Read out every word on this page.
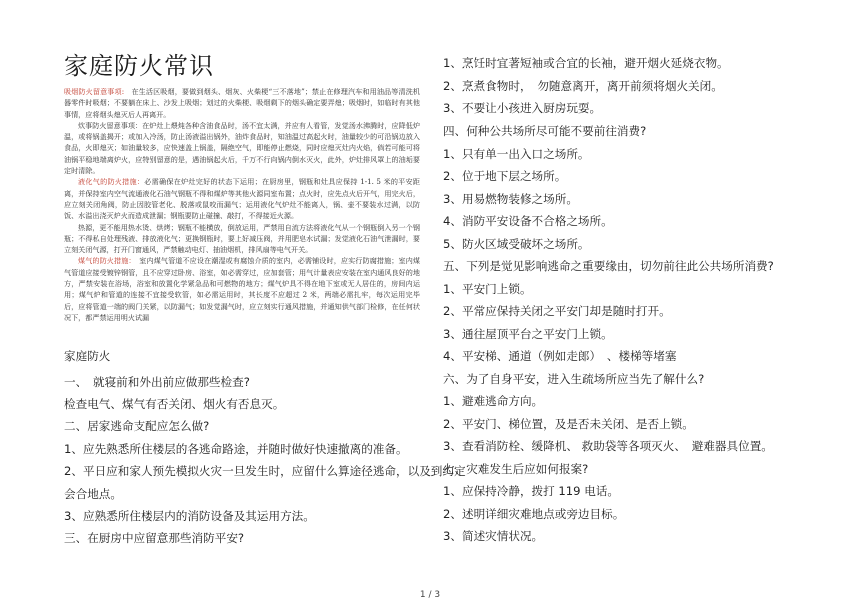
家庭防火常识

吸烟防火留意事项:　 在生活区吸烟，要做到烟头、烟灰、火柴梗“三不落地”；禁止在修理汽车和用油品等清洗机器零件时吸烟；不要躺在床上、沙发上吸烟；划过的火柴梗、吸烟剩下的烟头确定要弄熄；吸烟时，如临时有其他事情，应将烟头熄灭后人再离开。

炊事防火留意事项：在炉灶上煨炖各种含油食品时，汤不宜太满，并应有人看管，发觉汤水沸腾时，应降低炉温，或将锅盖揭开；或加入冷汤，防止汤液溢出锅外，油炸食品时，知油温过高起火时，油量较少的可沿锅边放入食品，火即熄灭；如油量较多，应快速盖上锅盖，隔绝空气，即能停止燃烧，同时应熄灭灶内火焰，倘若可能可将油锅平稳地端离炉火，应特别留意的是，遇油锅起火后，千万不行向锅内倒水灭火，此外，炉灶排风罩上的油垢要定时清除。

液化气的防火措施：必需确保在炉灶完好的状态下运用；在厨房里，钢瓶和灶具应保持 1-1. 5 米的平安距离，并保持室内空气流通液化石油气钢瓶不得和煤炉等其他火源同室布置；点火时，应先点火后开气，用完火后，应立刻关闭角阀，防止因胶管老化、脱落或鼠咬而漏气；运用液化气炉灶不能离人，锅、壶不要装水过满，以防饭、水溢出浇灭炉火而造成泄漏；钢瓶要防止碰撞、敲打，不得接近火源。

热源，更不能用热水烫、烘烤；钢瓶不能横放，倒放运用，严禁用自流方法将液化气从一个钢瓶倒入另一个钢瓶；不得私自处理残液、排放液化气；更换钢瓶时，要上好减压阀，并用肥皂水试漏；发觉液化石油气泄漏时，要立刻关闭气源，打开门窗通风，严禁触动电灯、抽油烟机，排风扇等电气开关。

煤气的防火措施：　 室内煤气管道不应设在潮湿或有腐蚀介质的室内，必需铺设时，应实行防腐措施；室内煤气管道应接受镀锌钢管，且不应穿过卧房、浴室，如必需穿过，应加套管；用气计量表应安装在室内通风良好的地方，严禁安装在浴场，浴室和放置化学紧急品和可燃物的地方；煤气炉具不得在地下室或无人居住的，房间内运用；煤气炉和管道的连接不宜接受软管，如必需运用时，其长度不应超过 2 米，两端必需扎牢，每次运用完毕后，应将管道一端的阀门关紧，以防漏气；如发觉漏气时，应立刻实行通风措施，并通知供气部门检修，在任何状况下，都严禁运用明火试漏

家庭防火
一、　就寝前和外出前应做那些检查?
检查电气、煤气有否关闭、烟火有否息灭。
二、居家逃命支配应怎么做?
1、应先熟悉所住楼层的各逃命路途，并随时做好快速撤离的准备。
2、平日应和家人预先模拟火灾一旦发生时，应留什么算途径逃命，以及到约定
会合地点。
3、应熟悉所住楼层内的消防设备及其运用方法。
三、在厨房中应留意那些消防平安?
1、烹饪时宜著短袖或合宜的长袖，避开烟火延烧衣物。
2、烹煮食物时，　勿随意离开，离开前须将烟火关闭。
3、不要让小孩进入厨房玩耍。
四、何种公共场所尽可能不要前往消费?
1、只有单一出入口之场所。
2、位于地下层之场所。
3、用易燃物装修之场所。
4、消防平安设备不合格之场所。
5、防火区域受破坏之场所。
五、下列是觉见影响逃命之重要缘由，切勿前往此公共场所消费?
1、平安门上锁。
2、平常应保持关闭之平安门却是随时打开。
3、通往屋顶平台之平安门上锁。
4、平安梯、通道（例如走郎）　、楼梯等堵塞
六、为了自身平安，进入生疏场所应当先了解什么?
1、避难逃命方向。
2、平安门、梯位置，及是否未关闭、是否上锁。
3、查看消防栓、缓降机、 救助袋等各项灭火、　避难器具位置。
七、灾难发生后应如何报案?
1、应保持冷静，拨打 119 电话。
2、述明详细灾难地点或旁边目标。
3、简述灾情状况。
1 / 3
